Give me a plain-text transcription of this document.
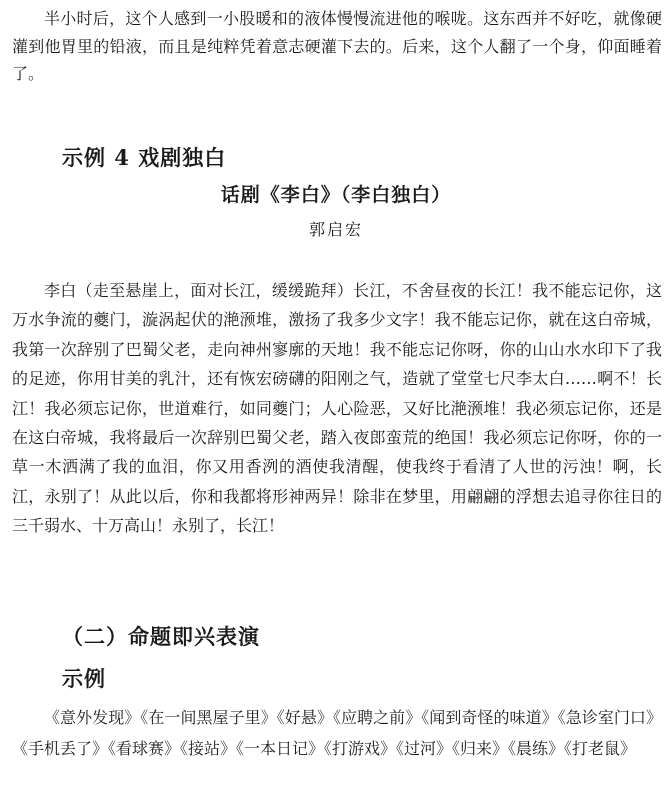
半小时后，这个人感到一小股暖和的液体慢慢流进他的喉咙。这东西并不好吃，就像硬灌到他胃里的铅液，而且是纯粹凭着意志硬灌下去的。后来，这个人翻了一个身，仰面睡着了。

示例 4 戏剧独白
话剧《李白》（李白独白）

郭启宏

李白（走至悬崖上，面对长江，缓缓跪拜）长江，不舍昼夜的长江！我不能忘记你，这万水争流的夔门，漩涡起伏的滟滪堆，激扬了我多少文字！我不能忘记你，就在这白帝城，我第一次辞别了巴蜀父老，走向神州寥廓的天地！我不能忘记你呀，你的山山水水印下了我的足迹，你用甘美的乳汁，还有恢宏磅礴的阳刚之气，造就了堂堂七尺李太白……啊不！长江！我必须忘记你，世道难行，如同夔门；人心险恶，又好比滟滪堆！我必须忘记你，还是在这白帝城，我将最后一次辞别巴蜀父老，踏入夜郎蛮荒的绝国！我必须忘记你呀，你的一草一木洒满了我的血泪，你又用香洌的酒使我清醒，使我终于看清了人世的污浊！啊，长江，永别了！从此以后，你和我都将形神两异！除非在梦里，用翩翩的浮想去追寻你往日的三千弱水、十万高山！永别了，长江！

（二）命题即兴表演
示例

《意外发现》《在一间黑屋子里》《好悬》《应聘之前》《闻到奇怪的味道》《急诊室门口》《手机丢了》《看球赛》《接站》《一本日记》《打游戏》《过河》《归来》《晨练》《打老鼠》
